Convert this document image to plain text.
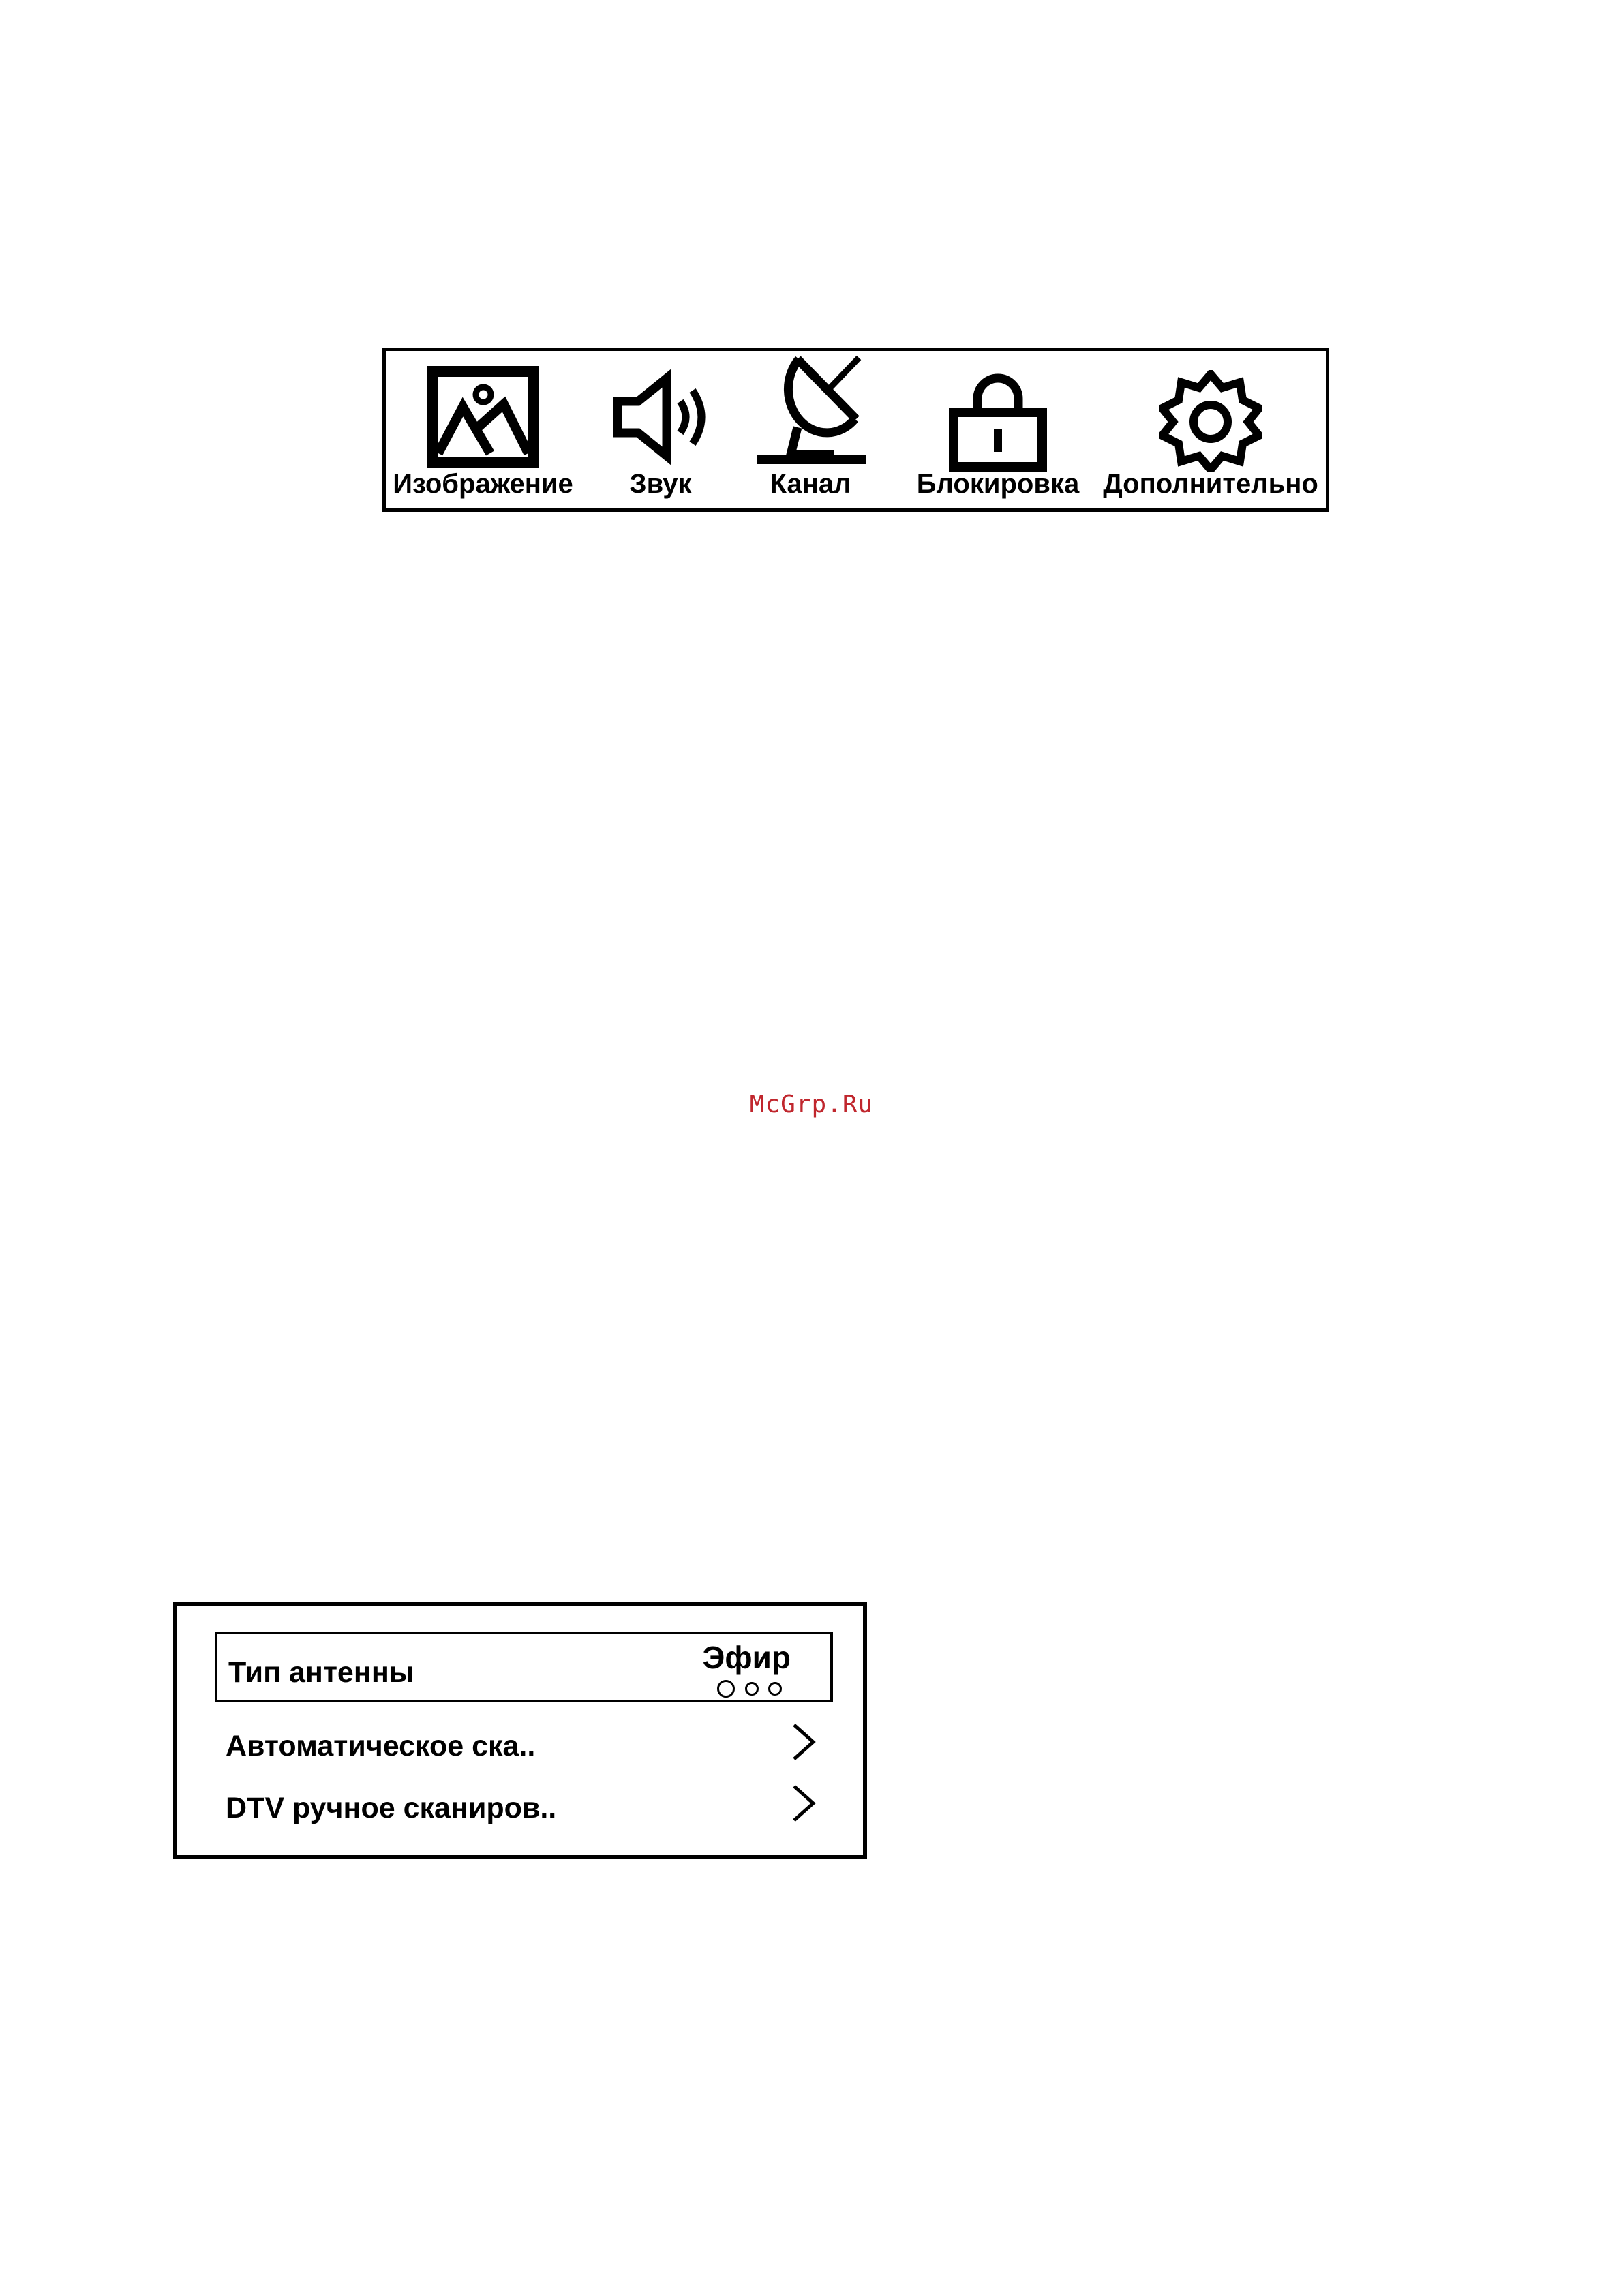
Изображение Звук	Канал Блокировка Дополнительно
McGrp.Ru
Тип антенны	Эфир

Автоматическое ска..
DTV ручное сканиров..
